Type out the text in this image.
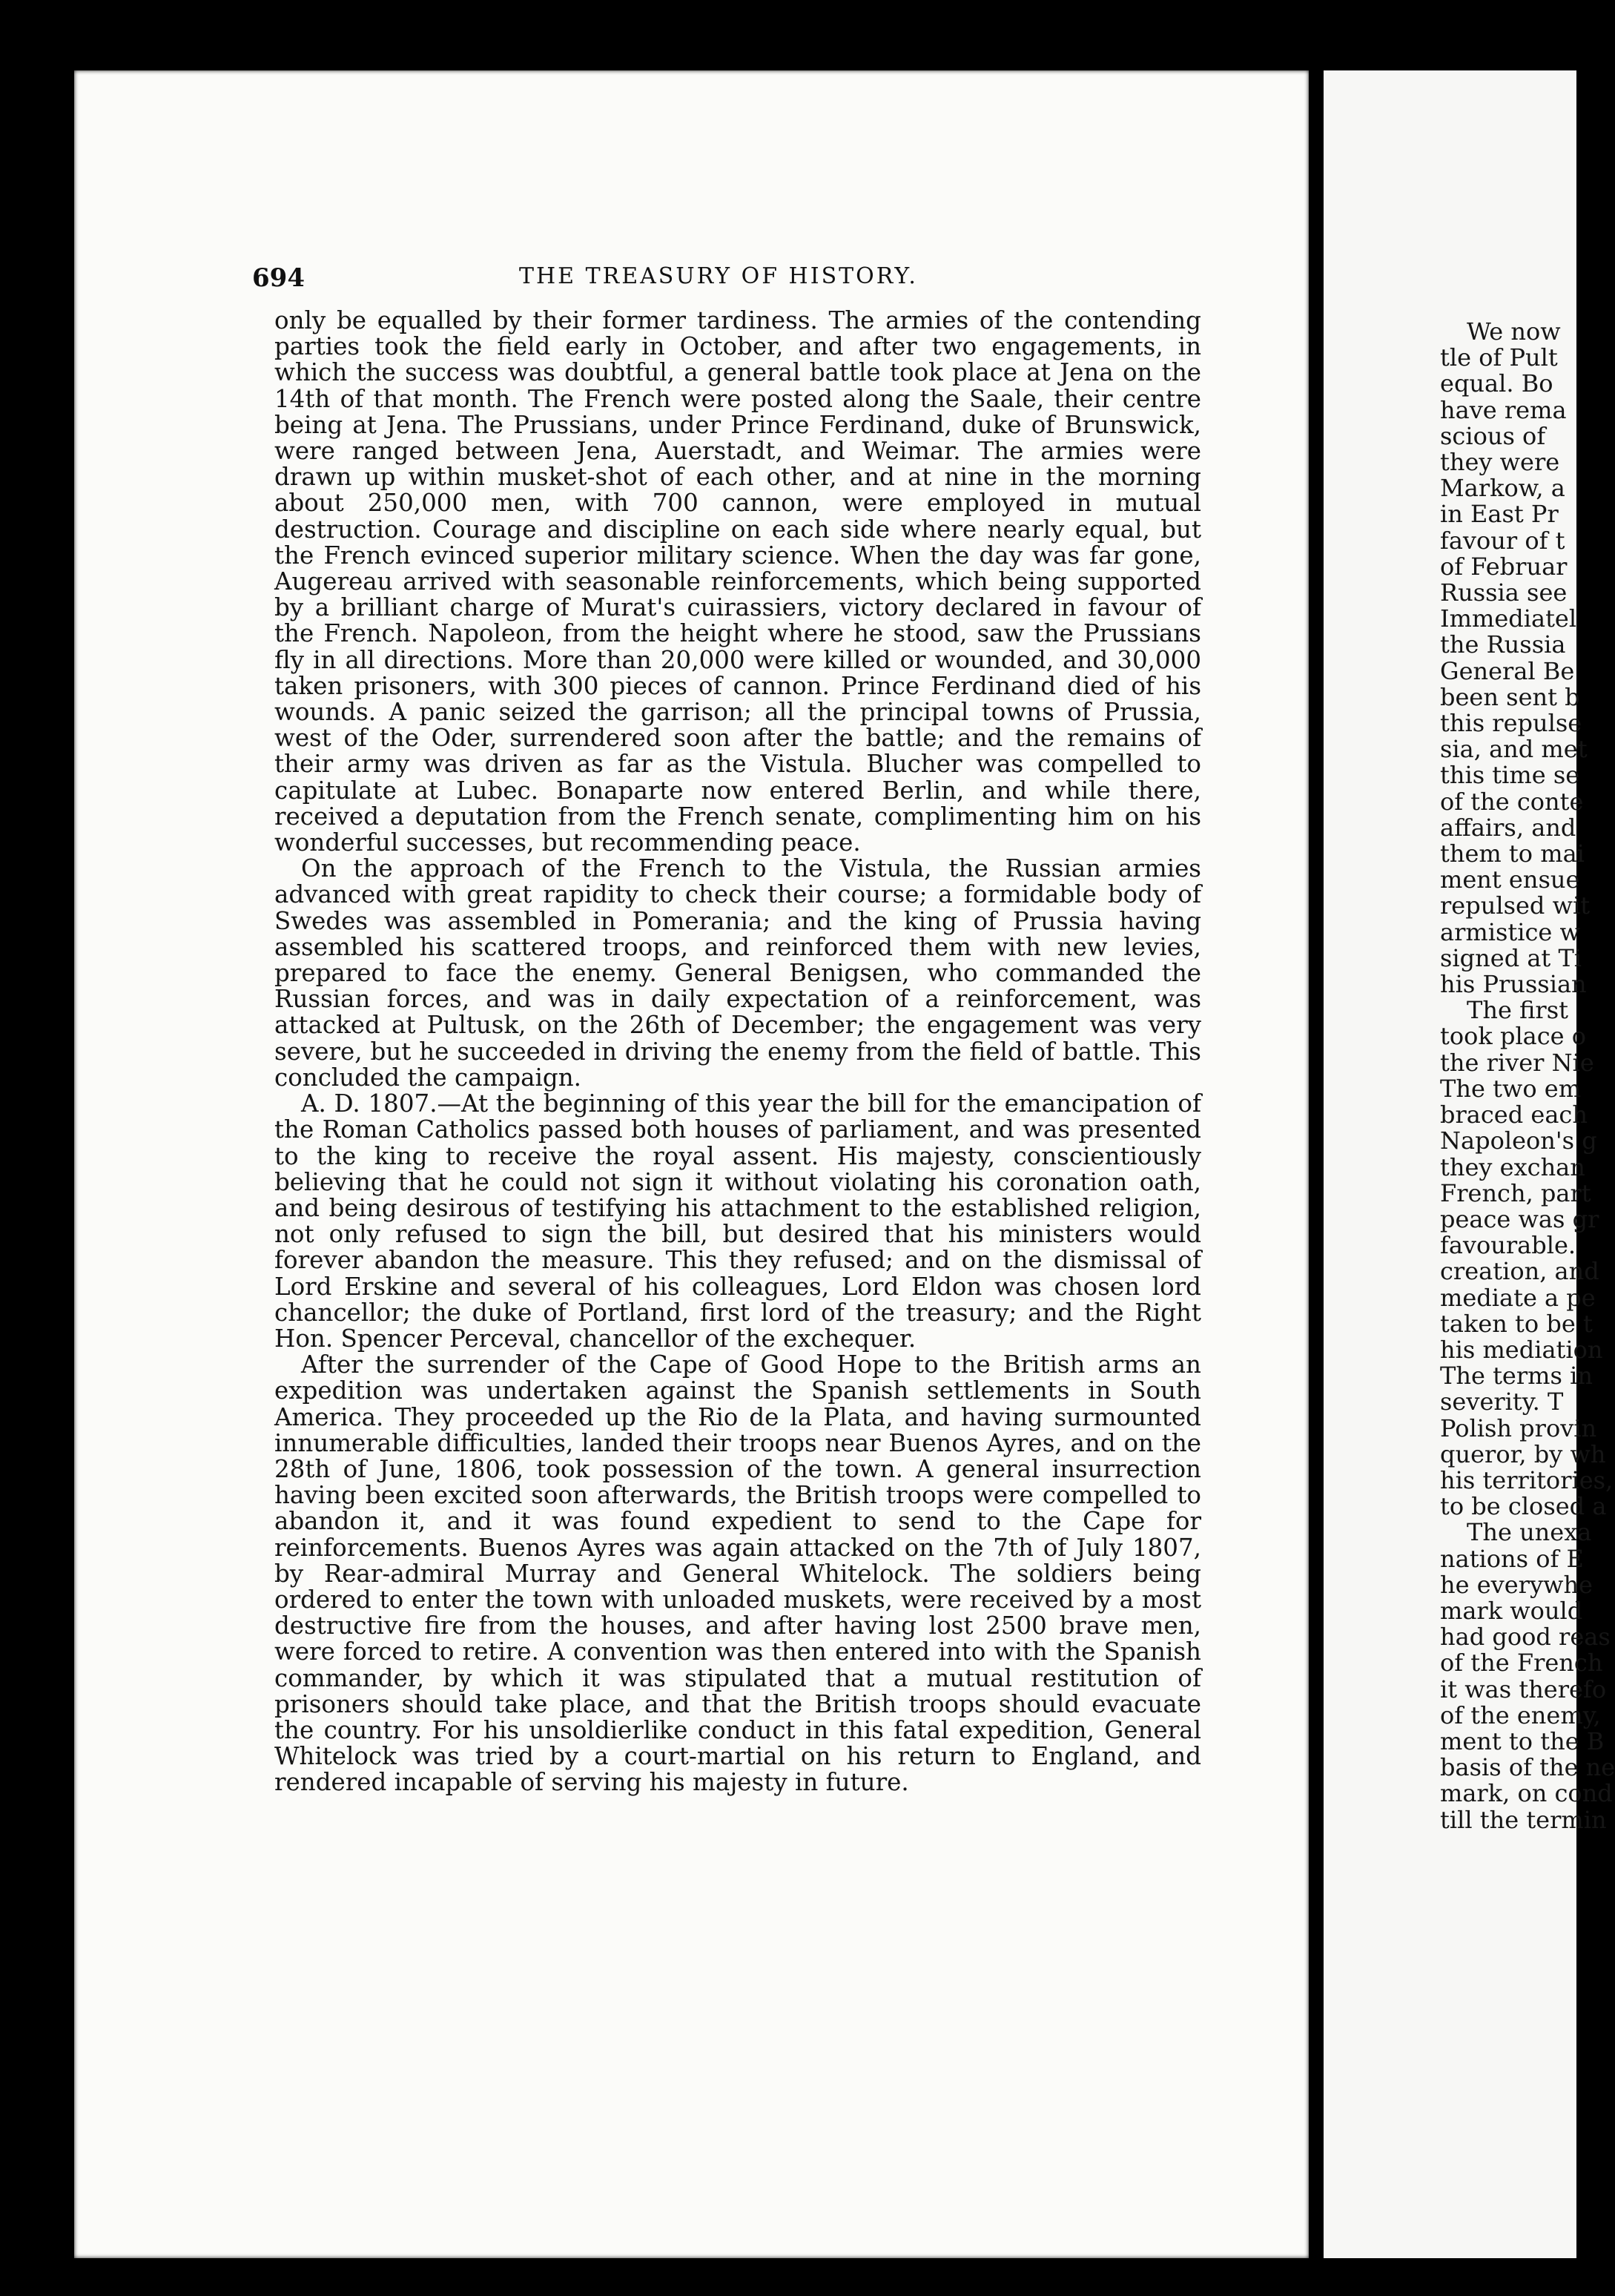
We now
tle of Pult
equal. Bo
have rema
scious of
they were
Markow, a
in East Pr
favour of t
of Februar
Russia see
Immediatel
the Russia
General Be
been sent b
this repulse
sia, and met
this time se
of the conte
affairs, and
them to mai
ment ensue
repulsed wit
armistice w
signed at Ti
his Prussian
The first
took place o
the river Nie
The two em
braced each
Napoleon's g
they exchan
French, part
peace was gr
favourable.
creation, and
mediate a pe
taken to be t
his mediation
The terms in
severity. T
Polish provin
queror, by wh
his territories,
to be closed a
The unexa
nations of E
he everywhe
mark would
had good reas
of the French
it was therefo
of the enemy,
ment to the B
basis of the ne
mark, on cond
till the termin
694	THE TREASURY OF HISTORY.

only be equalled by their former tardiness. The armies of the contending parties took the field early in October, and after two engagements, in which the success was doubtful, a general battle took place at Jena on the 14th of that month. The French were posted along the Saale, their centre being at Jena. The Prussians, under Prince Ferdinand, duke of Brunswick, were ranged between Jena, Auerstadt, and Weimar. The armies were drawn up within musket-shot of each other, and at nine in the morning about 250,000 men, with 700 cannon, were employed in mutual destruction. Courage and discipline on each side where nearly equal, but the French evinced superior military science. When the day was far gone, Augereau arrived with seasonable reinforcements, which being supported by a brilliant charge of Murat's cuirassiers, victory declared in favour of the French. Napoleon, from the height where he stood, saw the Prussians fly in all directions. More than 20,000 were killed or wounded, and 30,000 taken prisoners, with 300 pieces of cannon. Prince Ferdinand died of his wounds. A panic seized the garrison; all the principal towns of Prussia, west of the Oder, surrendered soon after the battle; and the remains of their army was driven as far as the Vistula. Blucher was compelled to capitulate at Lubec. Bonaparte now entered Berlin, and while there, received a deputation from the French senate, complimenting him on his wonderful successes, but recommending peace.

On the approach of the French to the Vistula, the Russian armies advanced with great rapidity to check their course; a formidable body of Swedes was assembled in Pomerania; and the king of Prussia having assembled his scattered troops, and reinforced them with new levies, prepared to face the enemy. General Benigsen, who commanded the Russian forces, and was in daily expectation of a reinforcement, was attacked at Pultusk, on the 26th of December; the engagement was very severe, but he succeeded in driving the enemy from the field of battle. This concluded the campaign.

A. D. 1807.—At the beginning of this year the bill for the emancipation of the Roman Catholics passed both houses of parliament, and was presented to the king to receive the royal assent. His majesty, conscientiously believing that he could not sign it without violating his coronation oath, and being desirous of testifying his attachment to the established religion, not only refused to sign the bill, but desired that his ministers would forever abandon the measure. This they refused; and on the dismissal of Lord Erskine and several of his colleagues, Lord Eldon was chosen lord chancellor; the duke of Portland, first lord of the treasury; and the Right Hon. Spencer Perceval, chancellor of the exchequer.

After the surrender of the Cape of Good Hope to the British arms an expedition was undertaken against the Spanish settlements in South America. They proceeded up the Rio de la Plata, and having surmounted innumerable difficulties, landed their troops near Buenos Ayres, and on the 28th of June, 1806, took possession of the town. A general insurrection having been excited soon afterwards, the British troops were compelled to abandon it, and it was found expedient to send to the Cape for reinforcements. Buenos Ayres was again attacked on the 7th of July 1807, by Rear-admiral Murray and General Whitelock. The soldiers being ordered to enter the town with unloaded muskets, were received by a most destructive fire from the houses, and after having lost 2500 brave men, were forced to retire. A convention was then entered into with the Spanish commander, by which it was stipulated that a mutual restitution of prisoners should take place, and that the British troops should evacuate the country. For his unsoldierlike conduct in this fatal expedition, General Whitelock was tried by a court-martial on his return to England, and rendered incapable of serving his majesty in future.
